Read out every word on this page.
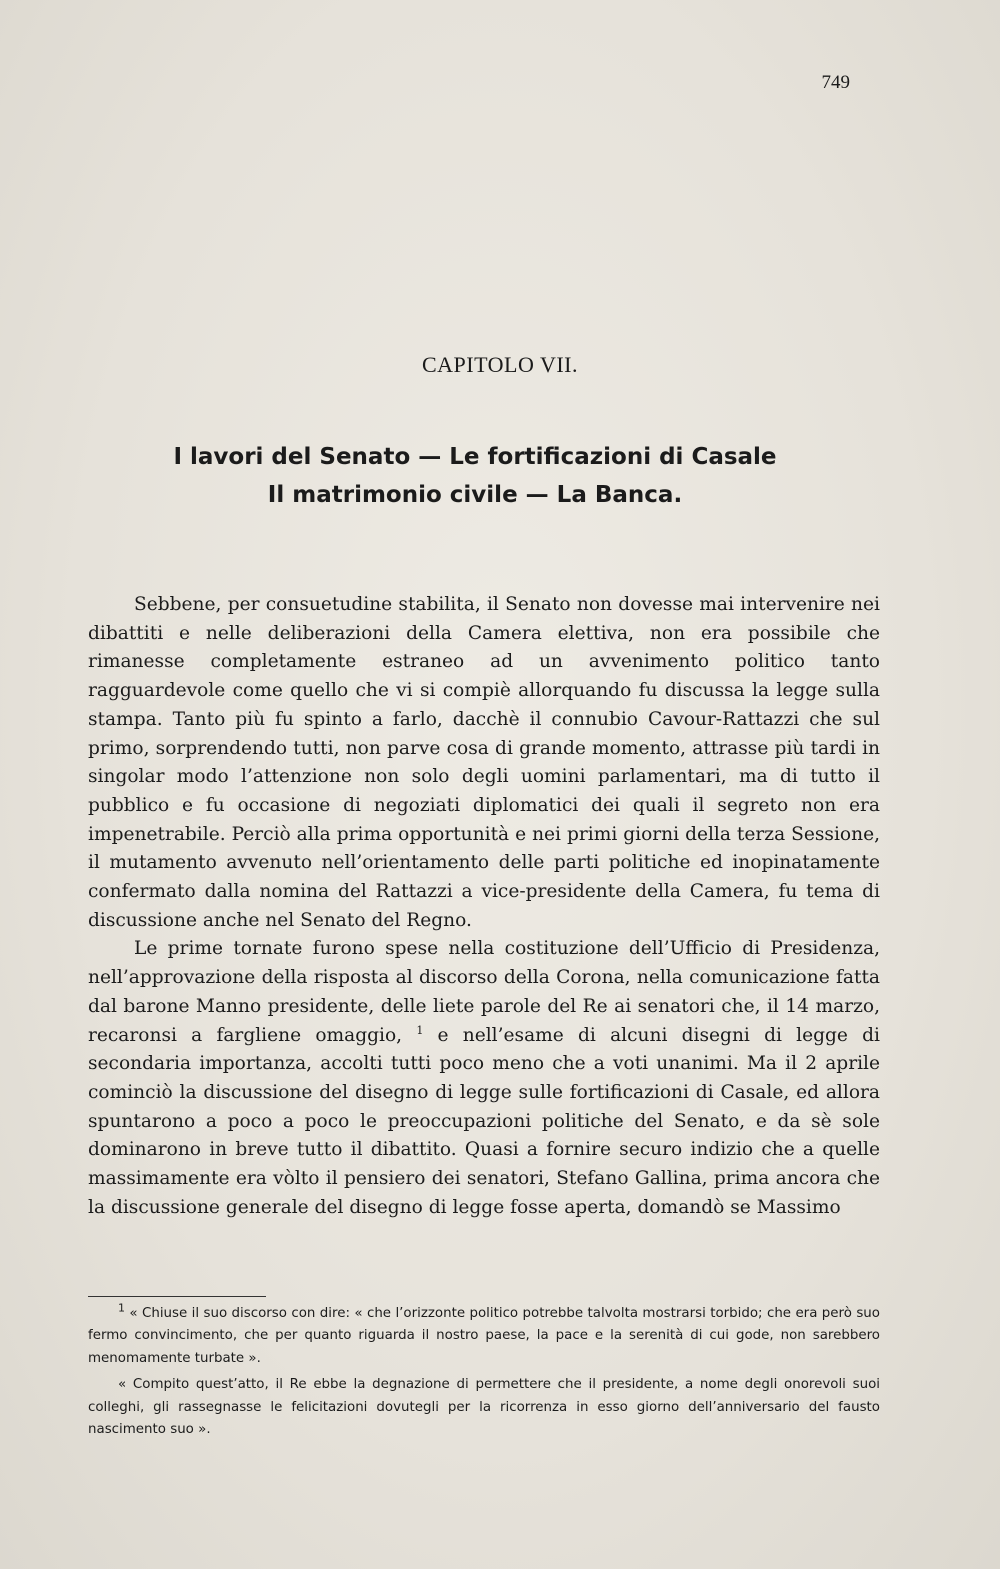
749
CAPITOLO VII.
I lavori del Senato — Le fortificazioni di Casale
Il matrimonio civile — La Banca.

Sebbene, per consuetudine stabilita, il Senato non dovesse mai intervenire nei dibattiti e nelle deliberazioni della Camera elettiva, non era possibile che rimanesse completamente estraneo ad un avvenimento politico tanto ragguardevole come quello che vi si compiè allorquando fu discussa la legge sulla stampa. Tanto più fu spinto a farlo, dacchè il connubio Cavour-Rattazzi che sul primo, sorprendendo tutti, non parve cosa di grande momento, attrasse più tardi in singolar modo l’attenzione non solo degli uomini parlamentari, ma di tutto il pubblico e fu occasione di negoziati diplomatici dei quali il segreto non era impenetrabile. Perciò alla prima opportunità e nei primi giorni della terza Sessione, il mutamento avvenuto nell’orientamento delle parti politiche ed inopinatamente confermato dalla nomina del Rattazzi a vice-presidente della Camera, fu tema di discussione anche nel Senato del Regno.

Le prime tornate furono spese nella costituzione dell’Ufficio di Presidenza, nell’approvazione della risposta al discorso della Corona, nella comunicazione fatta dal barone Manno presidente, delle liete parole del Re ai senatori che, il 14 marzo, recaronsi a fargliene omaggio, $^1$ e nell’esame di alcuni disegni di legge di secondaria importanza, accolti tutti poco meno che a voti unanimi. Ma il 2 aprile cominciò la discussione del disegno di legge sulle fortificazioni di Casale, ed allora spuntarono a poco a poco le preoccupazioni politiche del Senato, e da sè sole dominarono in breve tutto il dibattito. Quasi a fornire securo indizio che a quelle massimamente era vòlto il pensiero dei senatori, Stefano Gallina, prima ancora che la discussione generale del disegno di legge fosse aperta, domandò se Massimo

$^1$ « Chiuse il suo discorso con dire: « che l’orizzonte politico potrebbe talvolta mostrarsi torbido; che era però suo fermo convincimento, che per quanto riguarda il nostro paese, la pace e la serenità di cui gode, non sarebbero menomamente turbate ».

« Compito quest’atto, il Re ebbe la degnazione di permettere che il presidente, a nome degli onorevoli suoi colleghi, gli rassegnasse le felicitazioni dovutegli per la ricorrenza in esso giorno dell’anniversario del fausto nascimento suo ».
